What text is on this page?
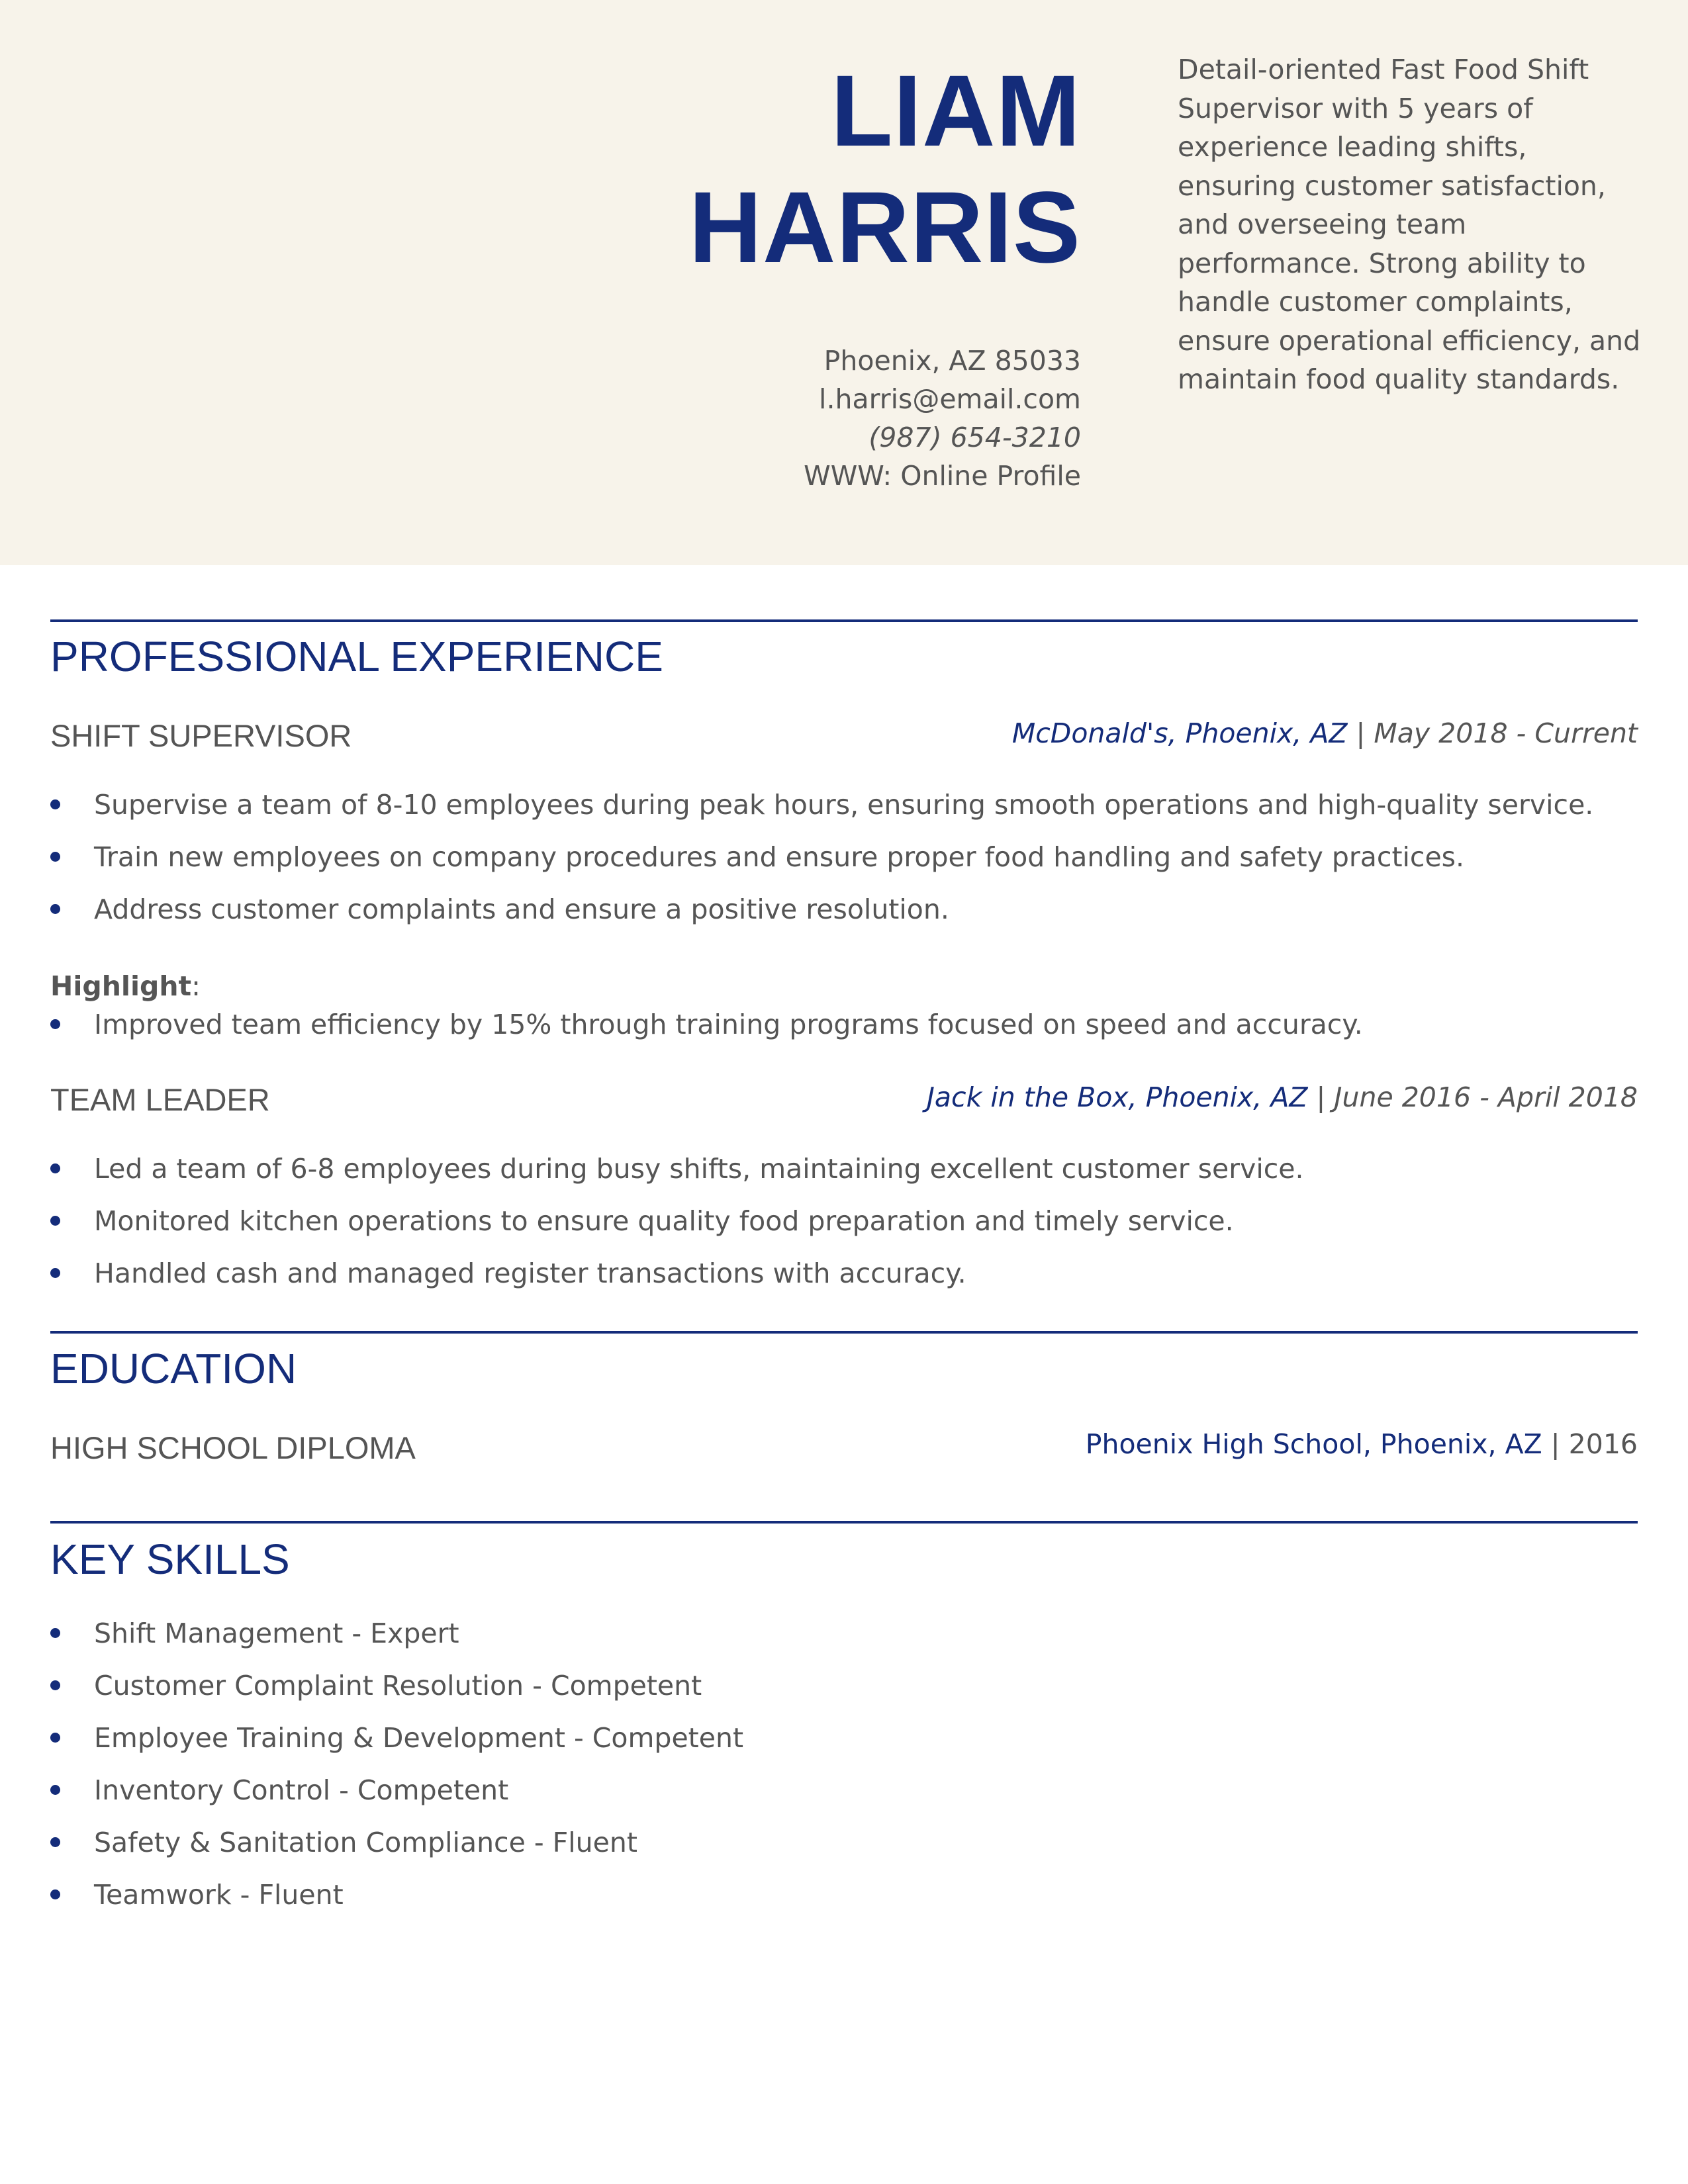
LIAM
HARRIS
Phoenix, AZ 85033
l.harris@email.com
(987) 654-3210
WWW: Online Profile
Detail-oriented Fast Food Shift Supervisor with 5 years of experience leading shifts, ensuring customer satisfaction, and overseeing team performance. Strong ability to handle customer complaints, ensure operational efficiency, and maintain food quality standards.
PROFESSIONAL EXPERIENCE
SHIFT SUPERVISOR	McDonald's, Phoenix, AZ | May 2018 - Current
Supervise a team of 8-10 employees during peak hours, ensuring smooth operations and high-quality service.
Train new employees on company procedures and ensure proper food handling and safety practices.
Address customer complaints and ensure a positive resolution.
Highlight:
Improved team efficiency by 15% through training programs focused on speed and accuracy.
TEAM LEADER	Jack in the Box, Phoenix, AZ | June 2016 - April 2018
Led a team of 6-8 employees during busy shifts, maintaining excellent customer service.
Monitored kitchen operations to ensure quality food preparation and timely service.
Handled cash and managed register transactions with accuracy.
EDUCATION
HIGH SCHOOL DIPLOMA	Phoenix High School, Phoenix, AZ | 2016
KEY SKILLS
Shift Management - Expert
Customer Complaint Resolution - Competent
Employee Training & Development - Competent
Inventory Control - Competent
Safety & Sanitation Compliance - Fluent
Teamwork - Fluent
